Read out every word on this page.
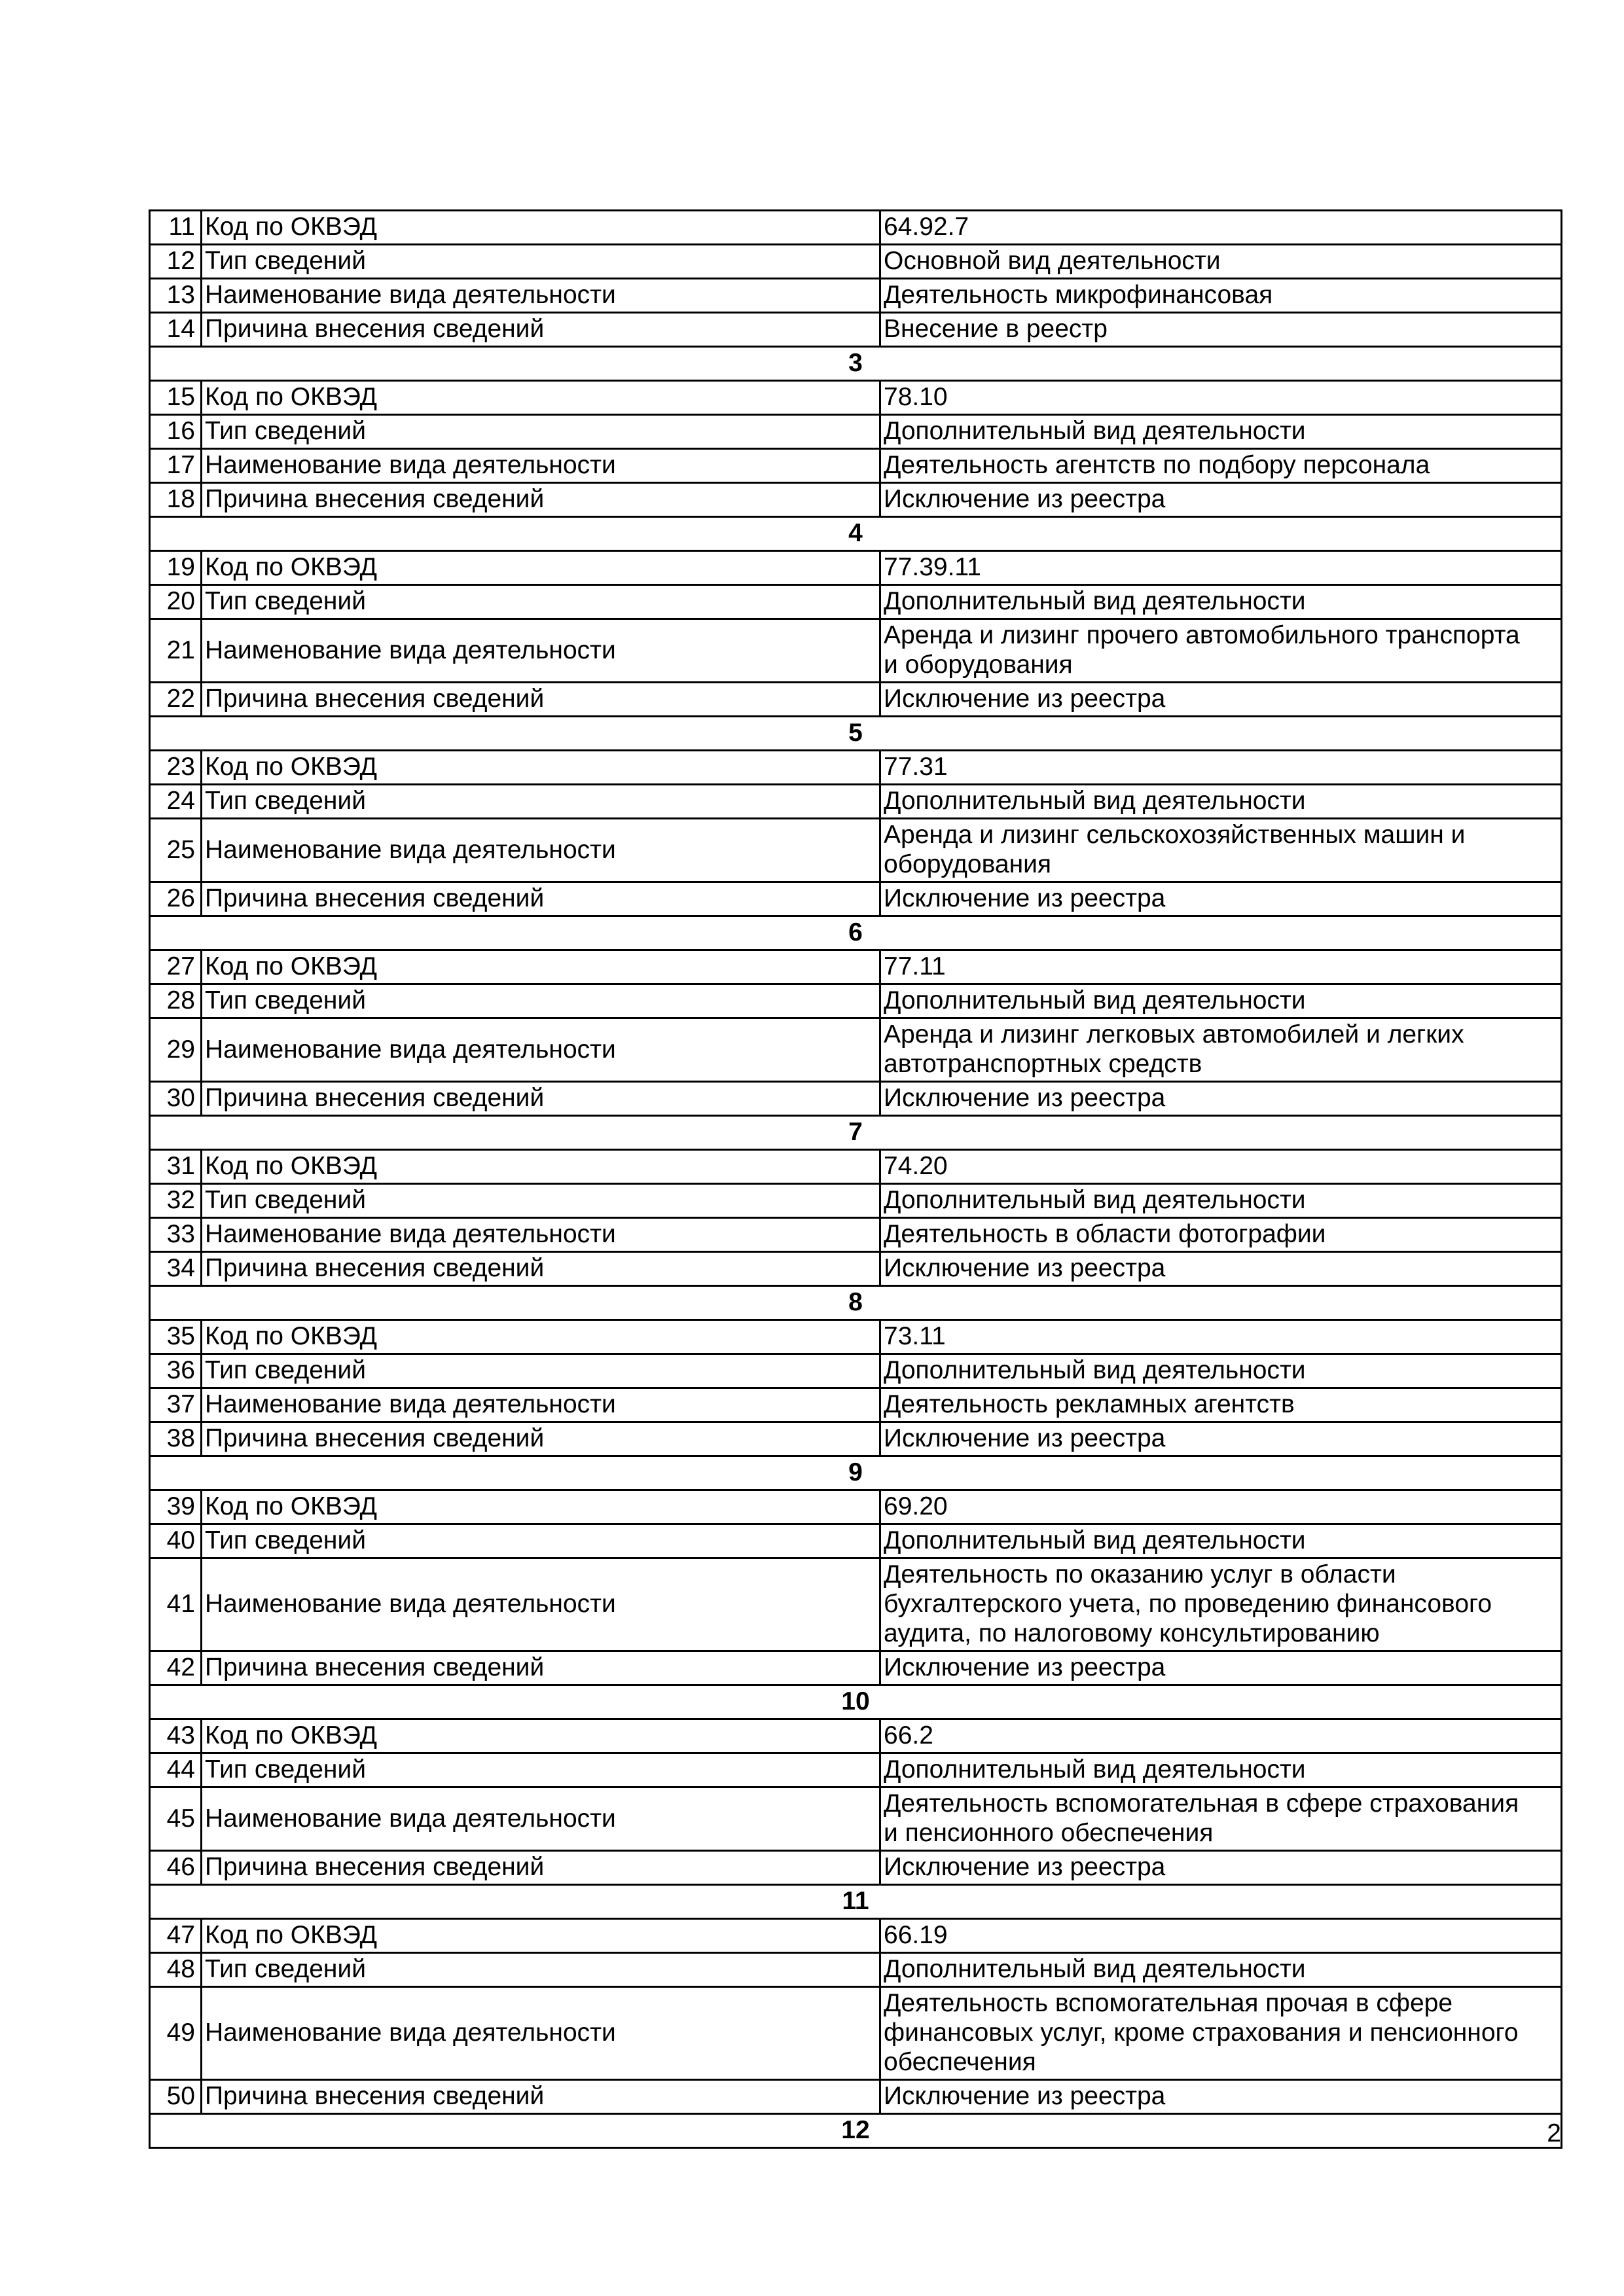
11	Код по ОКВЭД	64.92.7
12	Тип сведений	Основной вид деятельности
13	Наименование вида деятельности	Деятельность микрофинансовая
14	Причина внесения сведений	Внесение в реестр
3		
15	Код по ОКВЭД	78.10
16	Тип сведений	Дополнительный вид деятельности
17	Наименование вида деятельности	Деятельность агентств по подбору персонала
18	Причина внесения сведений	Исключение из реестра
4		
19	Код по ОКВЭД	77.39.11
20	Тип сведений	Дополнительный вид деятельности
21	Наименование вида деятельности	Аренда и лизинг прочего автомобильного транспорта
и оборудования

22	Причина внесения сведений	Исключение из реестра
5		
23	Код по ОКВЭД	77.31
24	Тип сведений	Дополнительный вид деятельности
25	Наименование вида деятельности	Аренда и лизинг сельскохозяйственных машин и
оборудования

26	Причина внесения сведений	Исключение из реестра
6		
27	Код по ОКВЭД	77.11
28	Тип сведений	Дополнительный вид деятельности
29	Наименование вида деятельности	Аренда и лизинг легковых автомобилей и легких
автотранспортных средств

30	Причина внесения сведений	Исключение из реестра
7		
31	Код по ОКВЭД	74.20
32	Тип сведений	Дополнительный вид деятельности
33	Наименование вида деятельности	Деятельность в области фотографии
34	Причина внесения сведений	Исключение из реестра
8		
35	Код по ОКВЭД	73.11
36	Тип сведений	Дополнительный вид деятельности
37	Наименование вида деятельности	Деятельность рекламных агентств
38	Причина внесения сведений	Исключение из реестра
9		
39	Код по ОКВЭД	69.20
40	Тип сведений	Дополнительный вид деятельности
41	Наименование вида деятельности	Деятельность по оказанию услуг в области
бухгалтерского учета, по проведению финансового
аудита, по налоговому консультированию

42	Причина внесения сведений	Исключение из реестра
10		
43	Код по ОКВЭД	66.2
44	Тип сведений	Дополнительный вид деятельности
45	Наименование вида деятельности	Деятельность вспомогательная в сфере страхования
и пенсионного обеспечения

46	Причина внесения сведений	Исключение из реестра
11		
47	Код по ОКВЭД	66.19
48	Тип сведений	Дополнительный вид деятельности
49	Наименование вида деятельности	Деятельность вспомогательная прочая в сфере
финансовых услуг, кроме страхования и пенсионного
обеспечения

50	Причина внесения сведений	Исключение из реестра
12			2
